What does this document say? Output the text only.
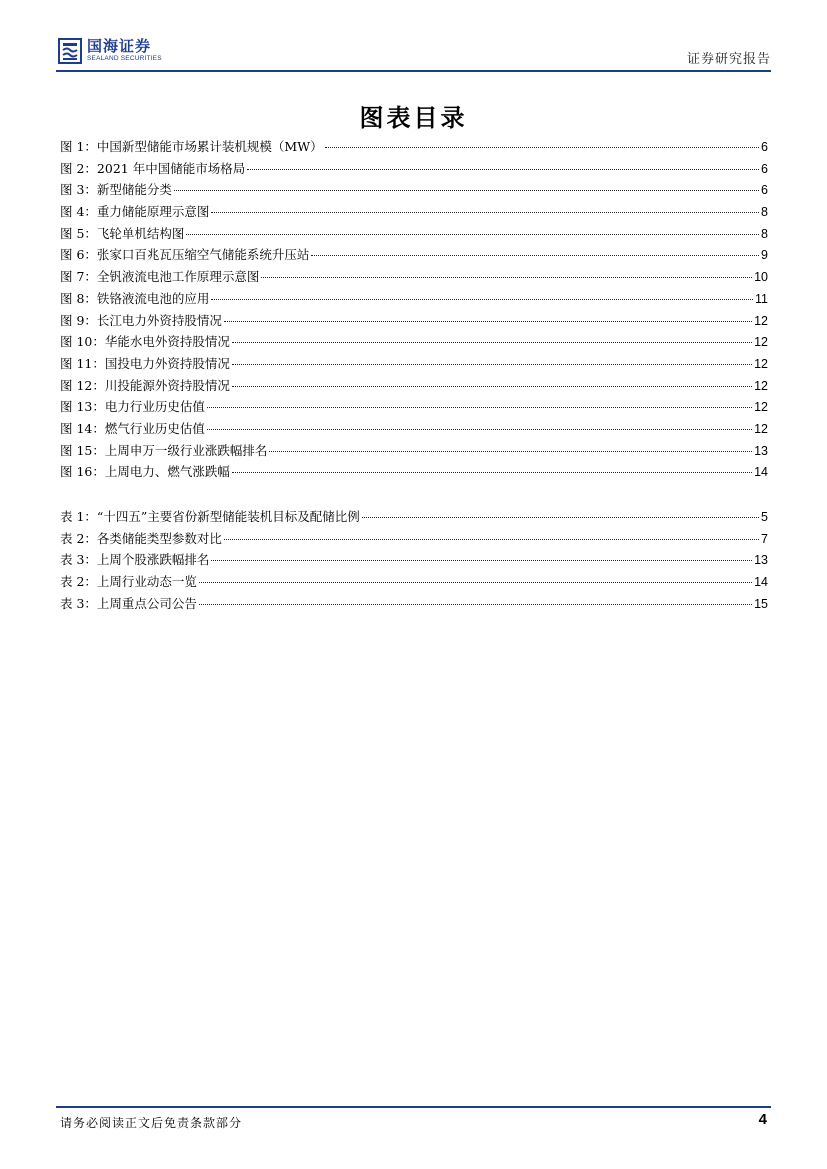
国海证券
SEALAND SECURITIES	证券研究报告
图表目录
图 1：中国新型储能市场累计装机规模（MW）	6
图 2：2021 年中国储能市场格局	6
图 3：新型储能分类	6
图 4：重力储能原理示意图	8
图 5：飞轮单机结构图	8
图 6：张家口百兆瓦压缩空气储能系统升压站	9
图 7：全钒液流电池工作原理示意图	10
图 8：铁铬液流电池的应用	11
图 9：长江电力外资持股情况	12
图 10：华能水电外资持股情况	12
图 11：国投电力外资持股情况	12
图 12：川投能源外资持股情况	12
图 13：电力行业历史估值	12
图 14：燃气行业历史估值	12
图 15：上周申万一级行业涨跌幅排名	13
图 16：上周电力、燃气涨跌幅	14
表 1：“十四五”主要省份新型储能装机目标及配储比例	5
表 2：各类储能类型参数对比	7
表 3：上周个股涨跌幅排名	13
表 2：上周行业动态一览	14
表 3：上周重点公司公告	15
请务必阅读正文后免责条款部分	4
